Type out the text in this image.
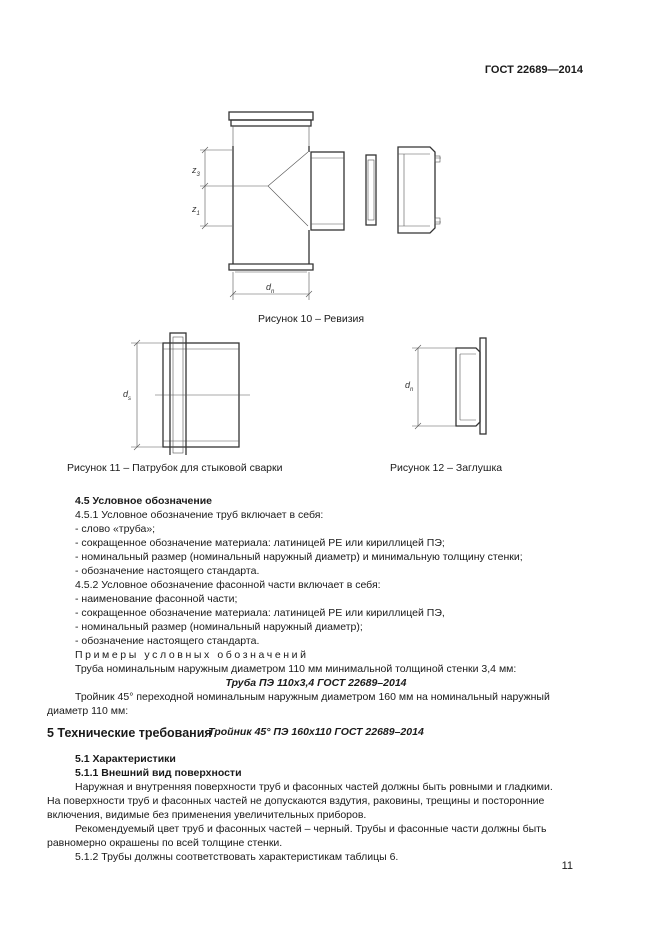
ГОСТ 22689—2014
$z_3$
$z_1$
$d_n$
Рисунок 10 – Ревизия
$d_s$
Рисунок 11 – Патрубок для стыковой сварки
$d_n$
Рисунок 12 – Заглушка
4.5 Условное обозначение
4.5.1 Условное обозначение труб включает в себя:
- слово «труба»;
- сокращенное обозначение материала: латиницей PE или кириллицей ПЭ;
- номинальный размер (номинальный наружный диаметр) и минимальную толщину стенки;
- обозначение настоящего стандарта.
4.5.2 Условное обозначение фасонной части включает в себя:
- наименование фасонной части;
- сокращенное обозначение материала: латиницей PE или кириллицей ПЭ,
- номинальный размер (номинальный наружный диаметр);
- обозначение настоящего стандарта.
Примеры условных обозначений
Труба номинальным наружным диаметром 110 мм минимальной толщиной стенки 3,4 мм:
Труба ПЭ 110х3,4 ГОСТ 22689–2014
Тройник 45° переходной номинальным наружным диаметром 160 мм на номинальный наружный
диаметр 110 мм:
Тройник 45° ПЭ 160х110 ГОСТ 22689–2014
5 Технические требования
5.1 Характеристики
5.1.1 Внешний вид поверхности
Наружная и внутренняя поверхности труб и фасонных частей должны быть ровными и гладкими.
На поверхности труб и фасонных частей не допускаются вздутия, раковины, трещины и посторонние
включения, видимые без применения увеличительных приборов.
Рекомендуемый цвет труб и фасонных частей – черный. Трубы и фасонные части должны быть
равномерно окрашены по всей толщине стенки.
5.1.2 Трубы должны соответствовать характеристикам таблицы 6.
11
